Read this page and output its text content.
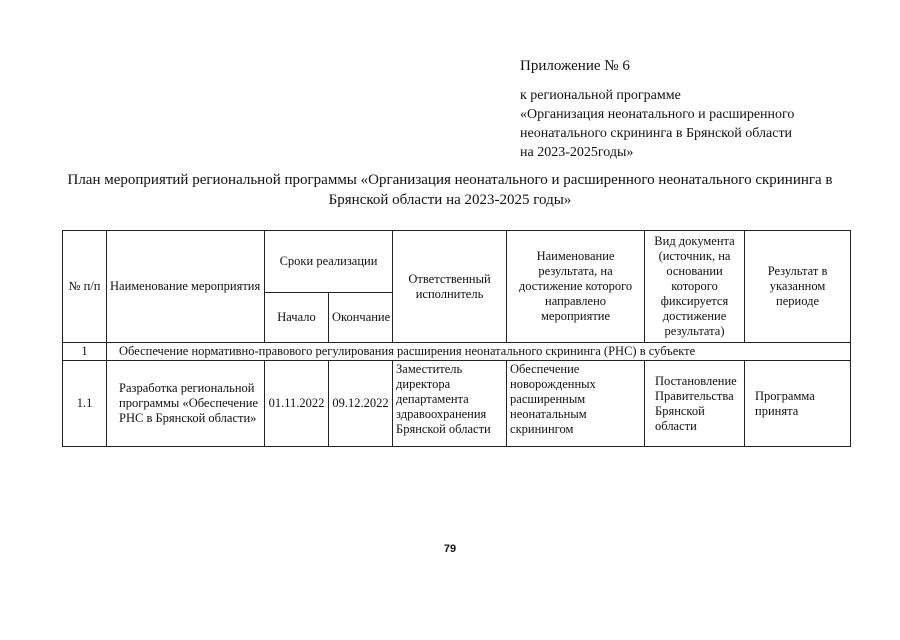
Приложение № 6
к региональной программе
«Организация неонатального и расширенного
неонатального скрининга в Брянской области
на 2023-2025годы»
План мероприятий региональной программы «Организация неонатального и расширенного неонатального скрининга в
Брянской области на 2023-2025 годы»
№ п/п	Наименование мероприятия	Сроки реализации		Ответственный исполнитель	Наименование результата, на достижение которого направлено мероприятие	Вид документа (источник, на основании которого фиксируется достижение результата)	Результат в указанном периоде
		Начало	Окончание				
1	Обеспечение нормативно-правового регулирования расширения неонатального скрининга (РНС) в субъекте						
1.1	Разработка региональной программы «Обеспечение РНС в Брянской области»	01.11.2022	09.12.2022	Заместитель директора департамента здравоохранения Брянской области	Обеспечение новорожденных расширенным неонатальным скринингом	Постановление Правительства Брянской области	Программа принята
79
